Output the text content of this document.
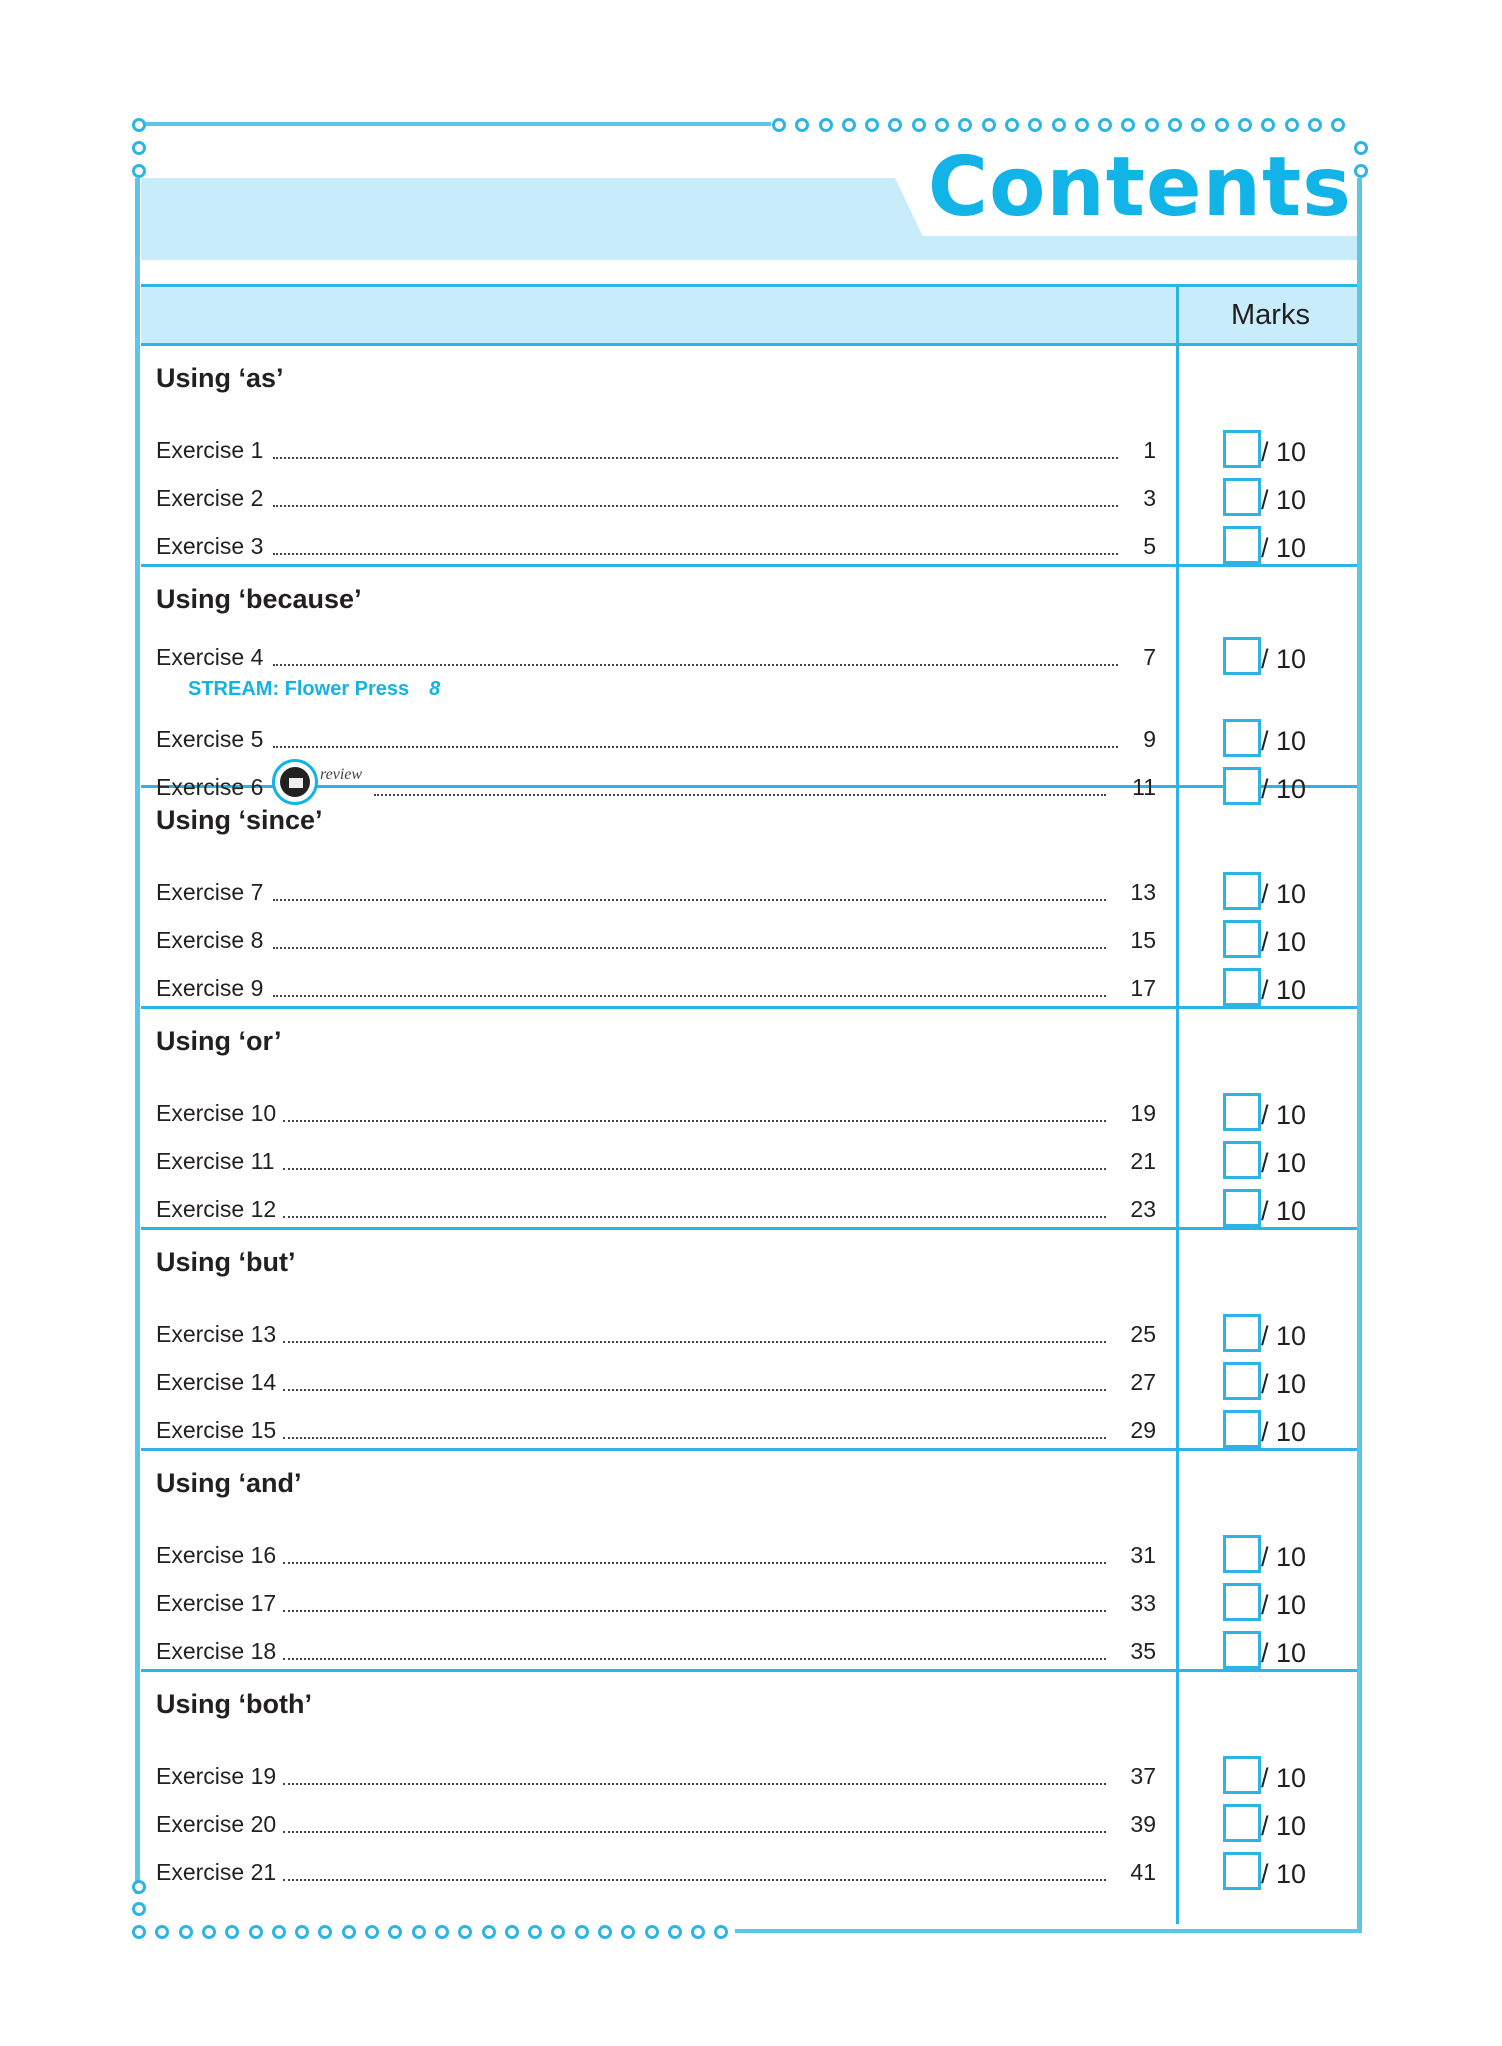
Contents
Marks
Using ‘as’
Exercise 1	1	/ 10
Exercise 2	3	/ 10
Exercise 3	5	/ 10
Using ‘because’
Exercise 4	7	/ 10
STREAM: Flower Press 8
Exercise 5	9	/ 10
Exercise 6	review	11	/ 10
Using ‘since’
Exercise 7	13	/ 10
Exercise 8	15	/ 10
Exercise 9	17	/ 10
Using ‘or’
Exercise 10	19	/ 10
Exercise 11	21	/ 10
Exercise 12	23	/ 10
Using ‘but’
Exercise 13	25	/ 10
Exercise 14	27	/ 10
Exercise 15	29	/ 10
Using ‘and’
Exercise 16	31	/ 10
Exercise 17	33	/ 10
Exercise 18	35	/ 10
Using ‘both’
Exercise 19	37	/ 10
Exercise 20	39	/ 10
Exercise 21	41	/ 10
